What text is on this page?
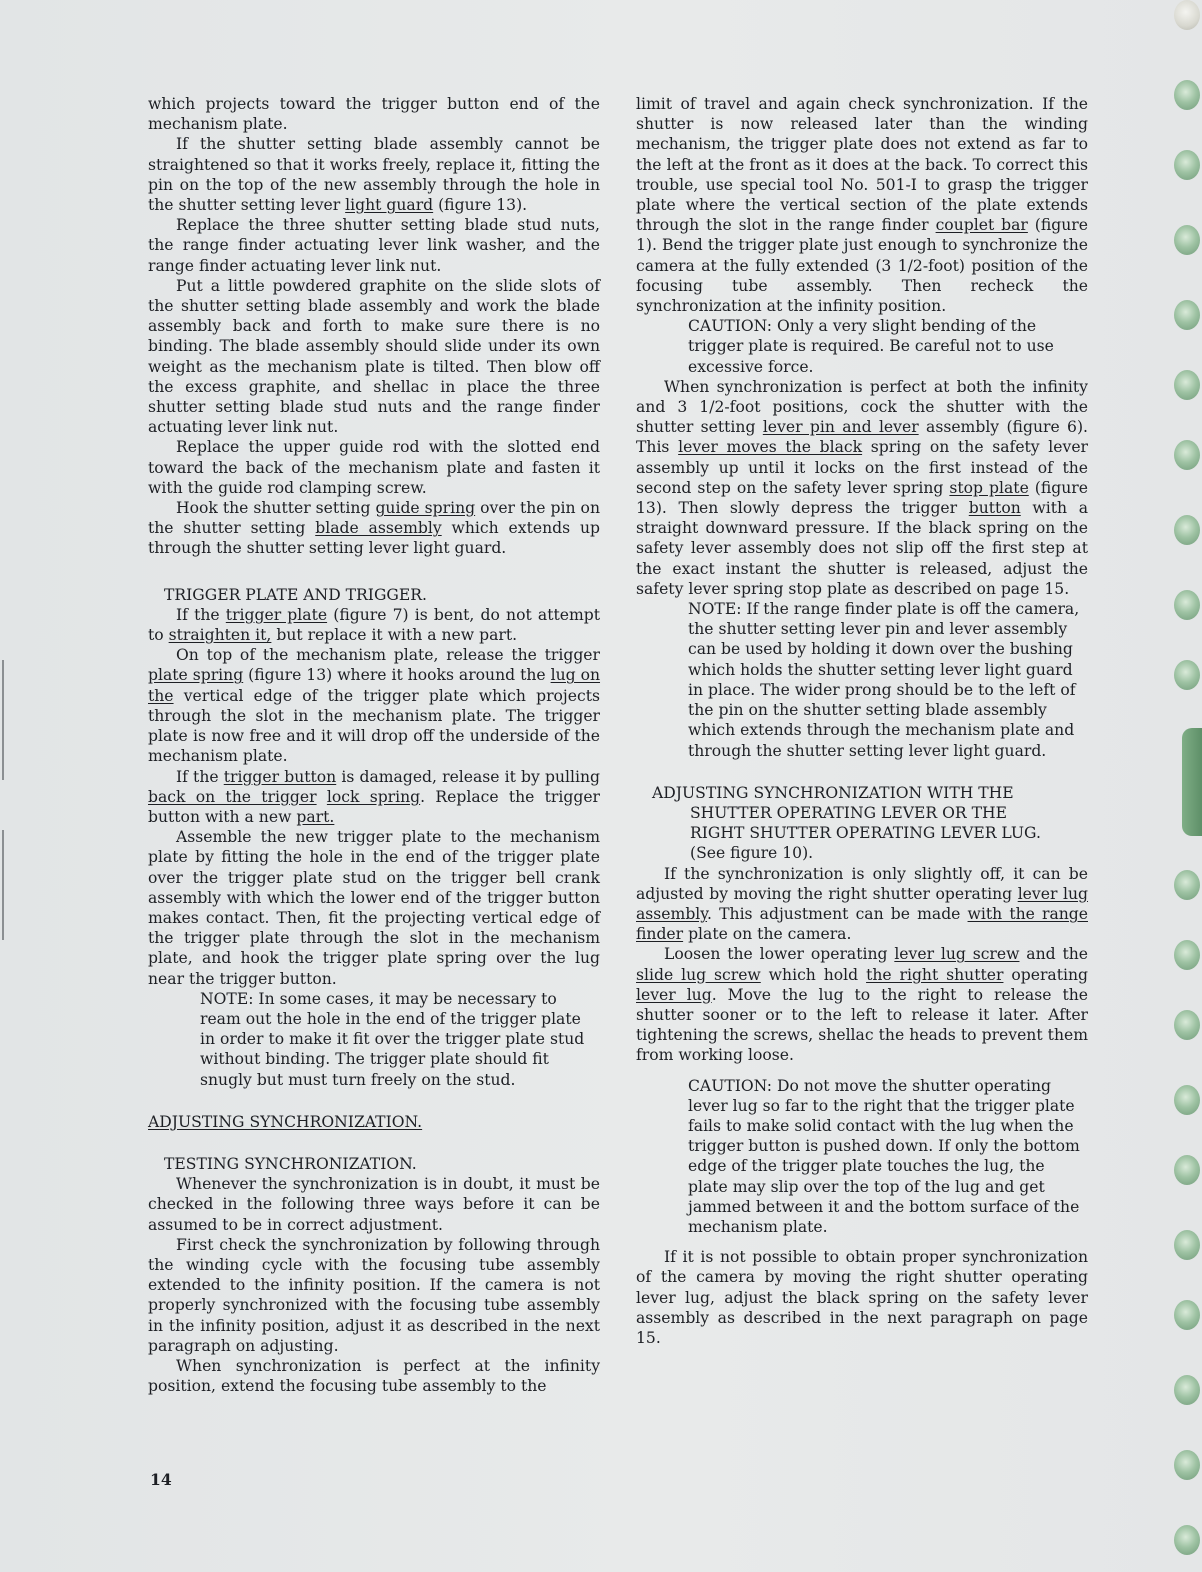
which projects toward the trigger button end of the mechanism plate.

If the shutter setting blade assembly cannot be straightened so that it works freely, replace it, fitting the pin on the top of the new assembly through the hole in the shutter setting lever light guard (figure 13).

Replace the three shutter setting blade stud nuts, the range finder actuating lever link washer, and the range finder actuating lever link nut.

Put a little powdered graphite on the slide slots of the shutter setting blade assembly and work the blade assembly back and forth to make sure there is no binding. The blade assembly should slide under its own weight as the mechanism plate is tilted. Then blow off the excess graphite, and shellac in place the three shutter setting blade stud nuts and the range finder actuating lever link nut.

Replace the upper guide rod with the slotted end toward the back of the mechanism plate and fasten it with the guide rod clamping screw.

Hook the shutter setting guide spring over the pin on the shutter setting blade assembly which extends up through the shutter setting lever light guard.

TRIGGER PLATE AND TRIGGER.

If the trigger plate (figure 7) is bent, do not attempt to straighten it, but replace it with a new part.

On top of the mechanism plate, release the trigger plate spring (figure 13) where it hooks around the lug on the vertical edge of the trigger plate which projects through the slot in the mechanism plate. The trigger plate is now free and it will drop off the underside of the mechanism plate.

If the trigger button is damaged, release it by pulling back on the trigger lock spring. Replace the trigger button with a new part.

Assemble the new trigger plate to the mechanism plate by fitting the hole in the end of the trigger plate over the trigger plate stud on the trigger bell crank assembly with which the lower end of the trigger button makes contact. Then, fit the projecting vertical edge of the trigger plate through the slot in the mechanism plate, and hook the trigger plate spring over the lug near the trigger button.

NOTE: In some cases, it may be necessary to ream out the hole in the end of the trigger plate in order to make it fit over the trigger plate stud without binding. The trigger plate should fit snugly but must turn freely on the stud.

ADJUSTING SYNCHRONIZATION.

TESTING SYNCHRONIZATION.

Whenever the synchronization is in doubt, it must be checked in the following three ways before it can be assumed to be in correct adjustment.

First check the synchronization by following through the winding cycle with the focusing tube assembly extended to the infinity position. If the camera is not properly synchronized with the focusing tube assembly in the infinity position, adjust it as described in the next paragraph on adjusting.

When synchronization is perfect at the infinity position, extend the focusing tube assembly to the

limit of travel and again check synchronization. If the shutter is now released later than the winding mechanism, the trigger plate does not extend as far to the left at the front as it does at the back. To correct this trouble, use special tool No. 501-I to grasp the trigger plate where the vertical section of the plate extends through the slot in the range finder couplet bar (figure 1). Bend the trigger plate just enough to synchronize the camera at the fully extended (3 1/2-foot) position of the focusing tube assembly. Then recheck the synchronization at the infinity position.

CAUTION: Only a very slight bending of the trigger plate is required. Be careful not to use excessive force.

When synchronization is perfect at both the infinity and 3 1/2-foot positions, cock the shutter with the shutter setting lever pin and lever assembly (figure 6). This lever moves the black spring on the safety lever assembly up until it locks on the first instead of the second step on the safety lever spring stop plate (figure 13). Then slowly depress the trigger button with a straight downward pressure. If the black spring on the safety lever assembly does not slip off the first step at the exact instant the shutter is released, adjust the safety lever spring stop plate as described on page 15.

NOTE: If the range finder plate is off the camera, the shutter setting lever pin and lever assembly can be used by holding it down over the bushing which holds the shutter setting lever light guard in place. The wider prong should be to the left of the pin on the shutter setting blade assembly which extends through the mechanism plate and through the shutter setting lever light guard.

ADJUSTING SYNCHRONIZATION WITH THE

SHUTTER OPERATING LEVER OR THE

RIGHT SHUTTER OPERATING LEVER LUG.

(See figure 10).

If the synchronization is only slightly off, it can be adjusted by moving the right shutter operating lever lug assembly. This adjustment can be made with the range finder plate on the camera.

Loosen the lower operating lever lug screw and the slide lug screw which hold the right shutter operating lever lug. Move the lug to the right to release the shutter sooner or to the left to release it later. After tightening the screws, shellac the heads to prevent them from working loose.

CAUTION: Do not move the shutter operating lever lug so far to the right that the trigger plate fails to make solid contact with the lug when the trigger button is pushed down. If only the bottom edge of the trigger plate touches the lug, the plate may slip over the top of the lug and get jammed between it and the bottom surface of the mechanism plate.

If it is not possible to obtain proper synchronization of the camera by moving the right shutter operating lever lug, adjust the black spring on the safety lever assembly as described in the next paragraph on page 15.

14
